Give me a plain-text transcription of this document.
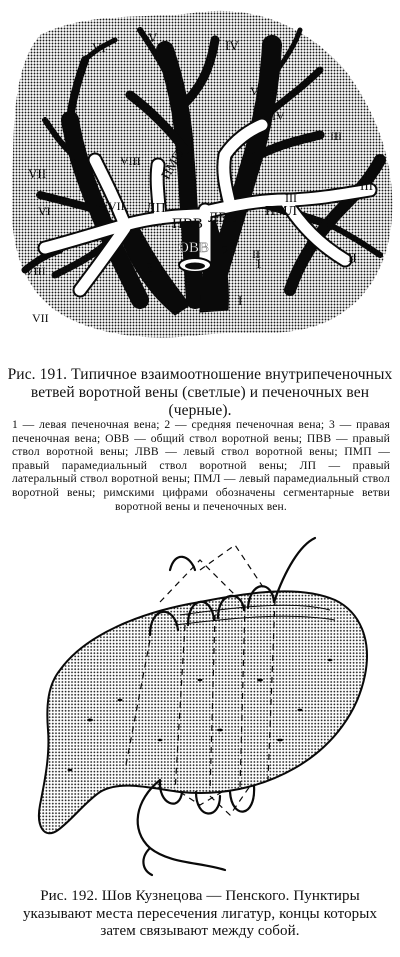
ПВВ ЛВВ
ОВВ
ЛП	ПМЛ
ПМП
1
2
3
I
II
II
III
III
III
IV
IV
V
V
VI
VI
VII
VII
VII
VIII
VIII
Рис. 191. Типичное взаимоотношение внутрипеченочных ветвей воротной вены (светлые) и печеночных вен (черные).
1 — левая печеночная вена; 2 — средняя печеночная вена; 3 — правая печеночная вена; ОВВ — общий ствол воротной вены; ПВВ — правый ствол воротной вены; ЛВВ — левый ствол воротной вены; ПМП — правый парамедиальный ствол воротной вены; ЛП — правый латеральный ствол воротной вены; ПМЛ — левый парамедиальный ствол воротной вены; римскими цифрами обозначены сегментарные ветви воротной вены и печеночных вен.
Рис. 192. Шов Кузнецова — Пенского. Пунктиры указывают места пересечения лигатур, концы которых затем связывают между собой.
